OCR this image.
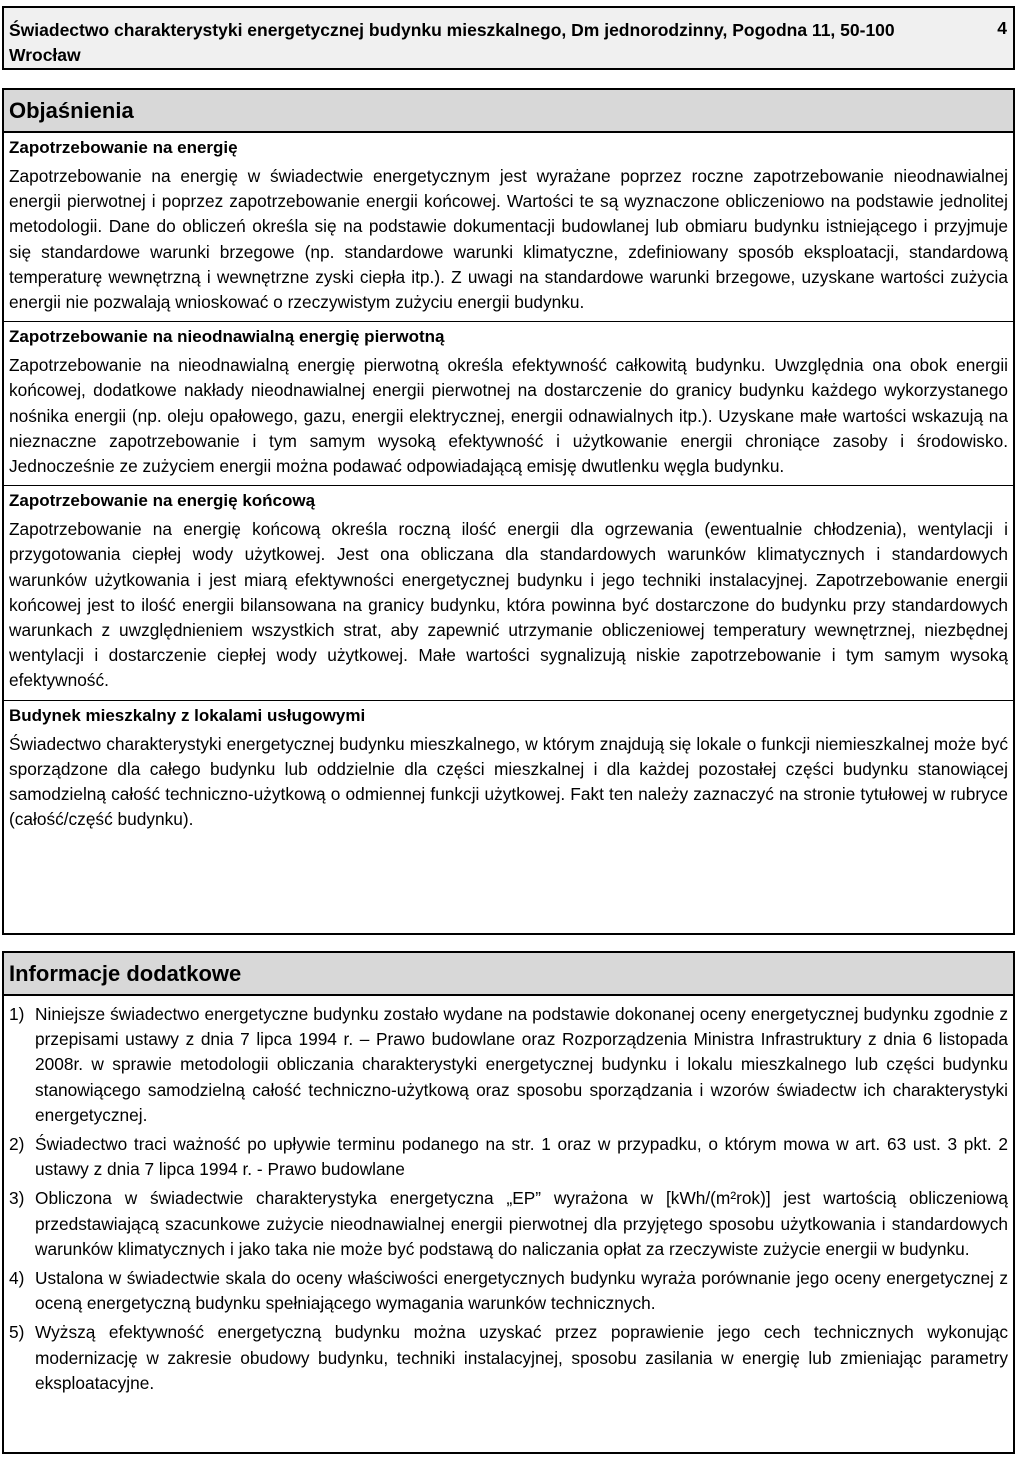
Świadectwo charakterystyki energetycznej budynku mieszkalnego, Dm jednorodzinny, Pogodna 11, 50-100 Wrocław
4
Objaśnienia
Zapotrzebowanie na energię

Zapotrzebowanie na energię w świadectwie energetycznym jest wyrażane poprzez roczne zapotrzebowanie nieodnawialnej energii pierwotnej i poprzez zapotrzebowanie energii końcowej. Wartości te są wyznaczone obliczeniowo na podstawie jednolitej metodologii. Dane do obliczeń określa się na podstawie dokumentacji budowlanej lub obmiaru budynku istniejącego i przyjmuje się standardowe warunki brzegowe (np. standardowe warunki klimatyczne, zdefiniowany sposób eksploatacji, standardową temperaturę wewnętrzną i wewnętrzne zyski ciepła itp.). Z uwagi na standardowe warunki brzegowe, uzyskane wartości zużycia energii nie pozwalają wnioskować o rzeczywistym zużyciu energii budynku.

Zapotrzebowanie na nieodnawialną energię pierwotną

Zapotrzebowanie na nieodnawialną energię pierwotną określa efektywność całkowitą budynku. Uwzględnia ona obok energii końcowej, dodatkowe nakłady nieodnawialnej energii pierwotnej na dostarczenie do granicy budynku każdego wykorzystanego nośnika energii (np. oleju opałowego, gazu, energii elektrycznej, energii odnawialnych itp.). Uzyskane małe wartości wskazują na nieznaczne zapotrzebowanie i tym samym wysoką efektywność i użytkowanie energii chroniące zasoby i środowisko. Jednocześnie ze zużyciem energii można podawać odpowiadającą emisję dwutlenku węgla budynku.

Zapotrzebowanie na energię końcową

Zapotrzebowanie na energię końcową określa roczną ilość energii dla ogrzewania (ewentualnie chłodzenia), wentylacji i przygotowania ciepłej wody użytkowej. Jest ona obliczana dla standardowych warunków klimatycznych i standardowych warunków użytkowania i jest miarą efektywności energetycznej budynku i jego techniki instalacyjnej. Zapotrzebowanie energii końcowej jest to ilość energii bilansowana na granicy budynku, która powinna być dostarczone do budynku przy standardowych warunkach z uwzględnieniem wszystkich strat, aby zapewnić utrzymanie obliczeniowej temperatury wewnętrznej, niezbędnej wentylacji i dostarczenie ciepłej wody użytkowej. Małe wartości sygnalizują niskie zapotrzebowanie i tym samym wysoką efektywność.

Budynek mieszkalny z lokalami usługowymi

Świadectwo charakterystyki energetycznej budynku mieszkalnego, w którym znajdują się lokale o funkcji niemieszkalnej może być sporządzone dla całego budynku lub oddzielnie dla części mieszkalnej i dla każdej pozostałej części budynku stanowiącej samodzielną całość techniczno-użytkową o odmiennej funkcji użytkowej. Fakt ten należy zaznaczyć na stronie tytułowej w rubryce (całość/część budynku).

Informacje dodatkowe
1) Niniejsze świadectwo energetyczne budynku zostało wydane na podstawie dokonanej oceny energetycznej budynku zgodnie z przepisami ustawy z dnia 7 lipca 1994 r. – Prawo budowlane oraz Rozporządzenia Ministra Infrastruktury z dnia 6 listopada 2008r. w sprawie metodologii obliczania charakterystyki energetycznej budynku i lokalu mieszkalnego lub części budynku stanowiącego samodzielną całość techniczno-użytkową oraz sposobu sporządzania i wzorów świadectw ich charakterystyki energetycznej.
2) Świadectwo traci ważność po upływie terminu podanego na str. 1 oraz w przypadku, o którym mowa w art. 63 ust. 3 pkt. 2 ustawy z dnia 7 lipca 1994 r. - Prawo budowlane
3) Obliczona w świadectwie charakterystyka energetyczna „EP” wyrażona w [kWh/(m²rok)] jest wartością obliczeniową przedstawiającą szacunkowe zużycie nieodnawialnej energii pierwotnej dla przyjętego sposobu użytkowania i standardowych warunków klimatycznych i jako taka nie może być podstawą do naliczania opłat za rzeczywiste zużycie energii w budynku.
4) Ustalona w świadectwie skala do oceny właściwości energetycznych budynku wyraża porównanie jego oceny energetycznej z oceną energetyczną budynku spełniającego wymagania warunków technicznych.
5) Wyższą efektywność energetyczną budynku można uzyskać przez poprawienie jego cech technicznych wykonując modernizację w zakresie obudowy budynku, techniki instalacyjnej, sposobu zasilania w energię lub zmieniając parametry eksploatacyjne.
